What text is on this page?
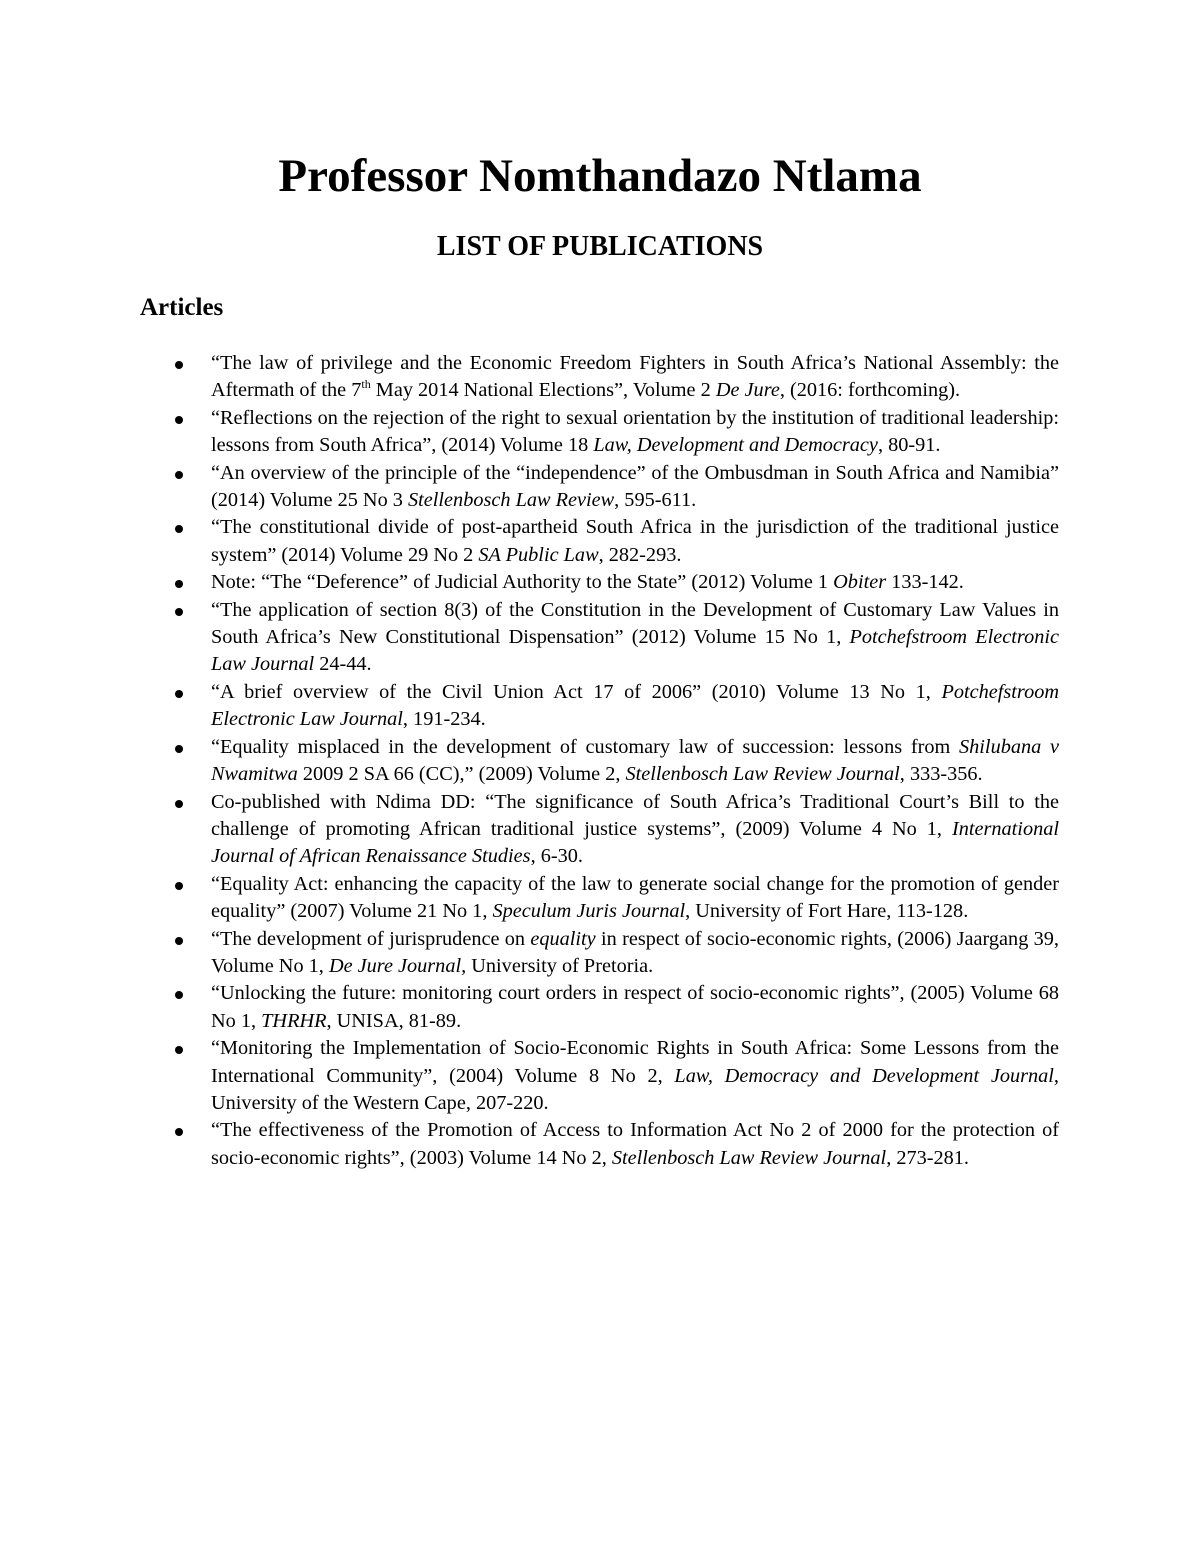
Professor Nomthandazo Ntlama
LIST OF PUBLICATIONS
Articles
“The law of privilege and the Economic Freedom Fighters in South Africa’s National Assembly: the Aftermath of the 7th May 2014 National Elections”, Volume 2 De Jure, (2016: forthcoming).
“Reflections on the rejection of the right to sexual orientation by the institution of traditional leadership: lessons from South Africa”, (2014) Volume 18 Law, Development and Democracy, 80-91.
“An overview of the principle of the “independence” of the Ombusdman in South Africa and Namibia” (2014) Volume 25 No 3 Stellenbosch Law Review, 595-611.
“The constitutional divide of post-apartheid South Africa in the jurisdiction of the traditional justice system” (2014) Volume 29 No 2 SA Public Law, 282-293.
Note: “The “Deference” of Judicial Authority to the State” (2012) Volume 1 Obiter 133-142.
“The application of section 8(3) of the Constitution in the Development of Customary Law Values in South Africa’s New Constitutional Dispensation” (2012) Volume 15 No 1, Potchefstroom Electronic Law Journal 24-44.
“A brief overview of the Civil Union Act 17 of 2006” (2010) Volume 13 No 1, Potchefstroom Electronic Law Journal, 191-234.
“Equality misplaced in the development of customary law of succession: lessons from Shilubana v Nwamitwa 2009 2 SA 66 (CC),” (2009) Volume 2, Stellenbosch Law Review Journal, 333-356.
Co-published with Ndima DD: “The significance of South Africa’s Traditional Court’s Bill to the challenge of promoting African traditional justice systems”, (2009) Volume 4 No 1, International Journal of African Renaissance Studies, 6-30.
“Equality Act: enhancing the capacity of the law to generate social change for the promotion of gender equality” (2007) Volume 21 No 1, Speculum Juris Journal, University of Fort Hare, 113-128.
“The development of jurisprudence on equality in respect of socio-economic rights, (2006) Jaargang 39, Volume No 1, De Jure Journal, University of Pretoria.
“Unlocking the future: monitoring court orders in respect of socio-economic rights”, (2005) Volume 68 No 1, THRHR, UNISA, 81-89.
“Monitoring the Implementation of Socio-Economic Rights in South Africa: Some Lessons from the International Community”, (2004) Volume 8 No 2, Law, Democracy and Development Journal, University of the Western Cape, 207-220.
“The effectiveness of the Promotion of Access to Information Act No 2 of 2000 for the protection of socio-economic rights”, (2003) Volume 14 No 2, Stellenbosch Law Review Journal, 273-281.
